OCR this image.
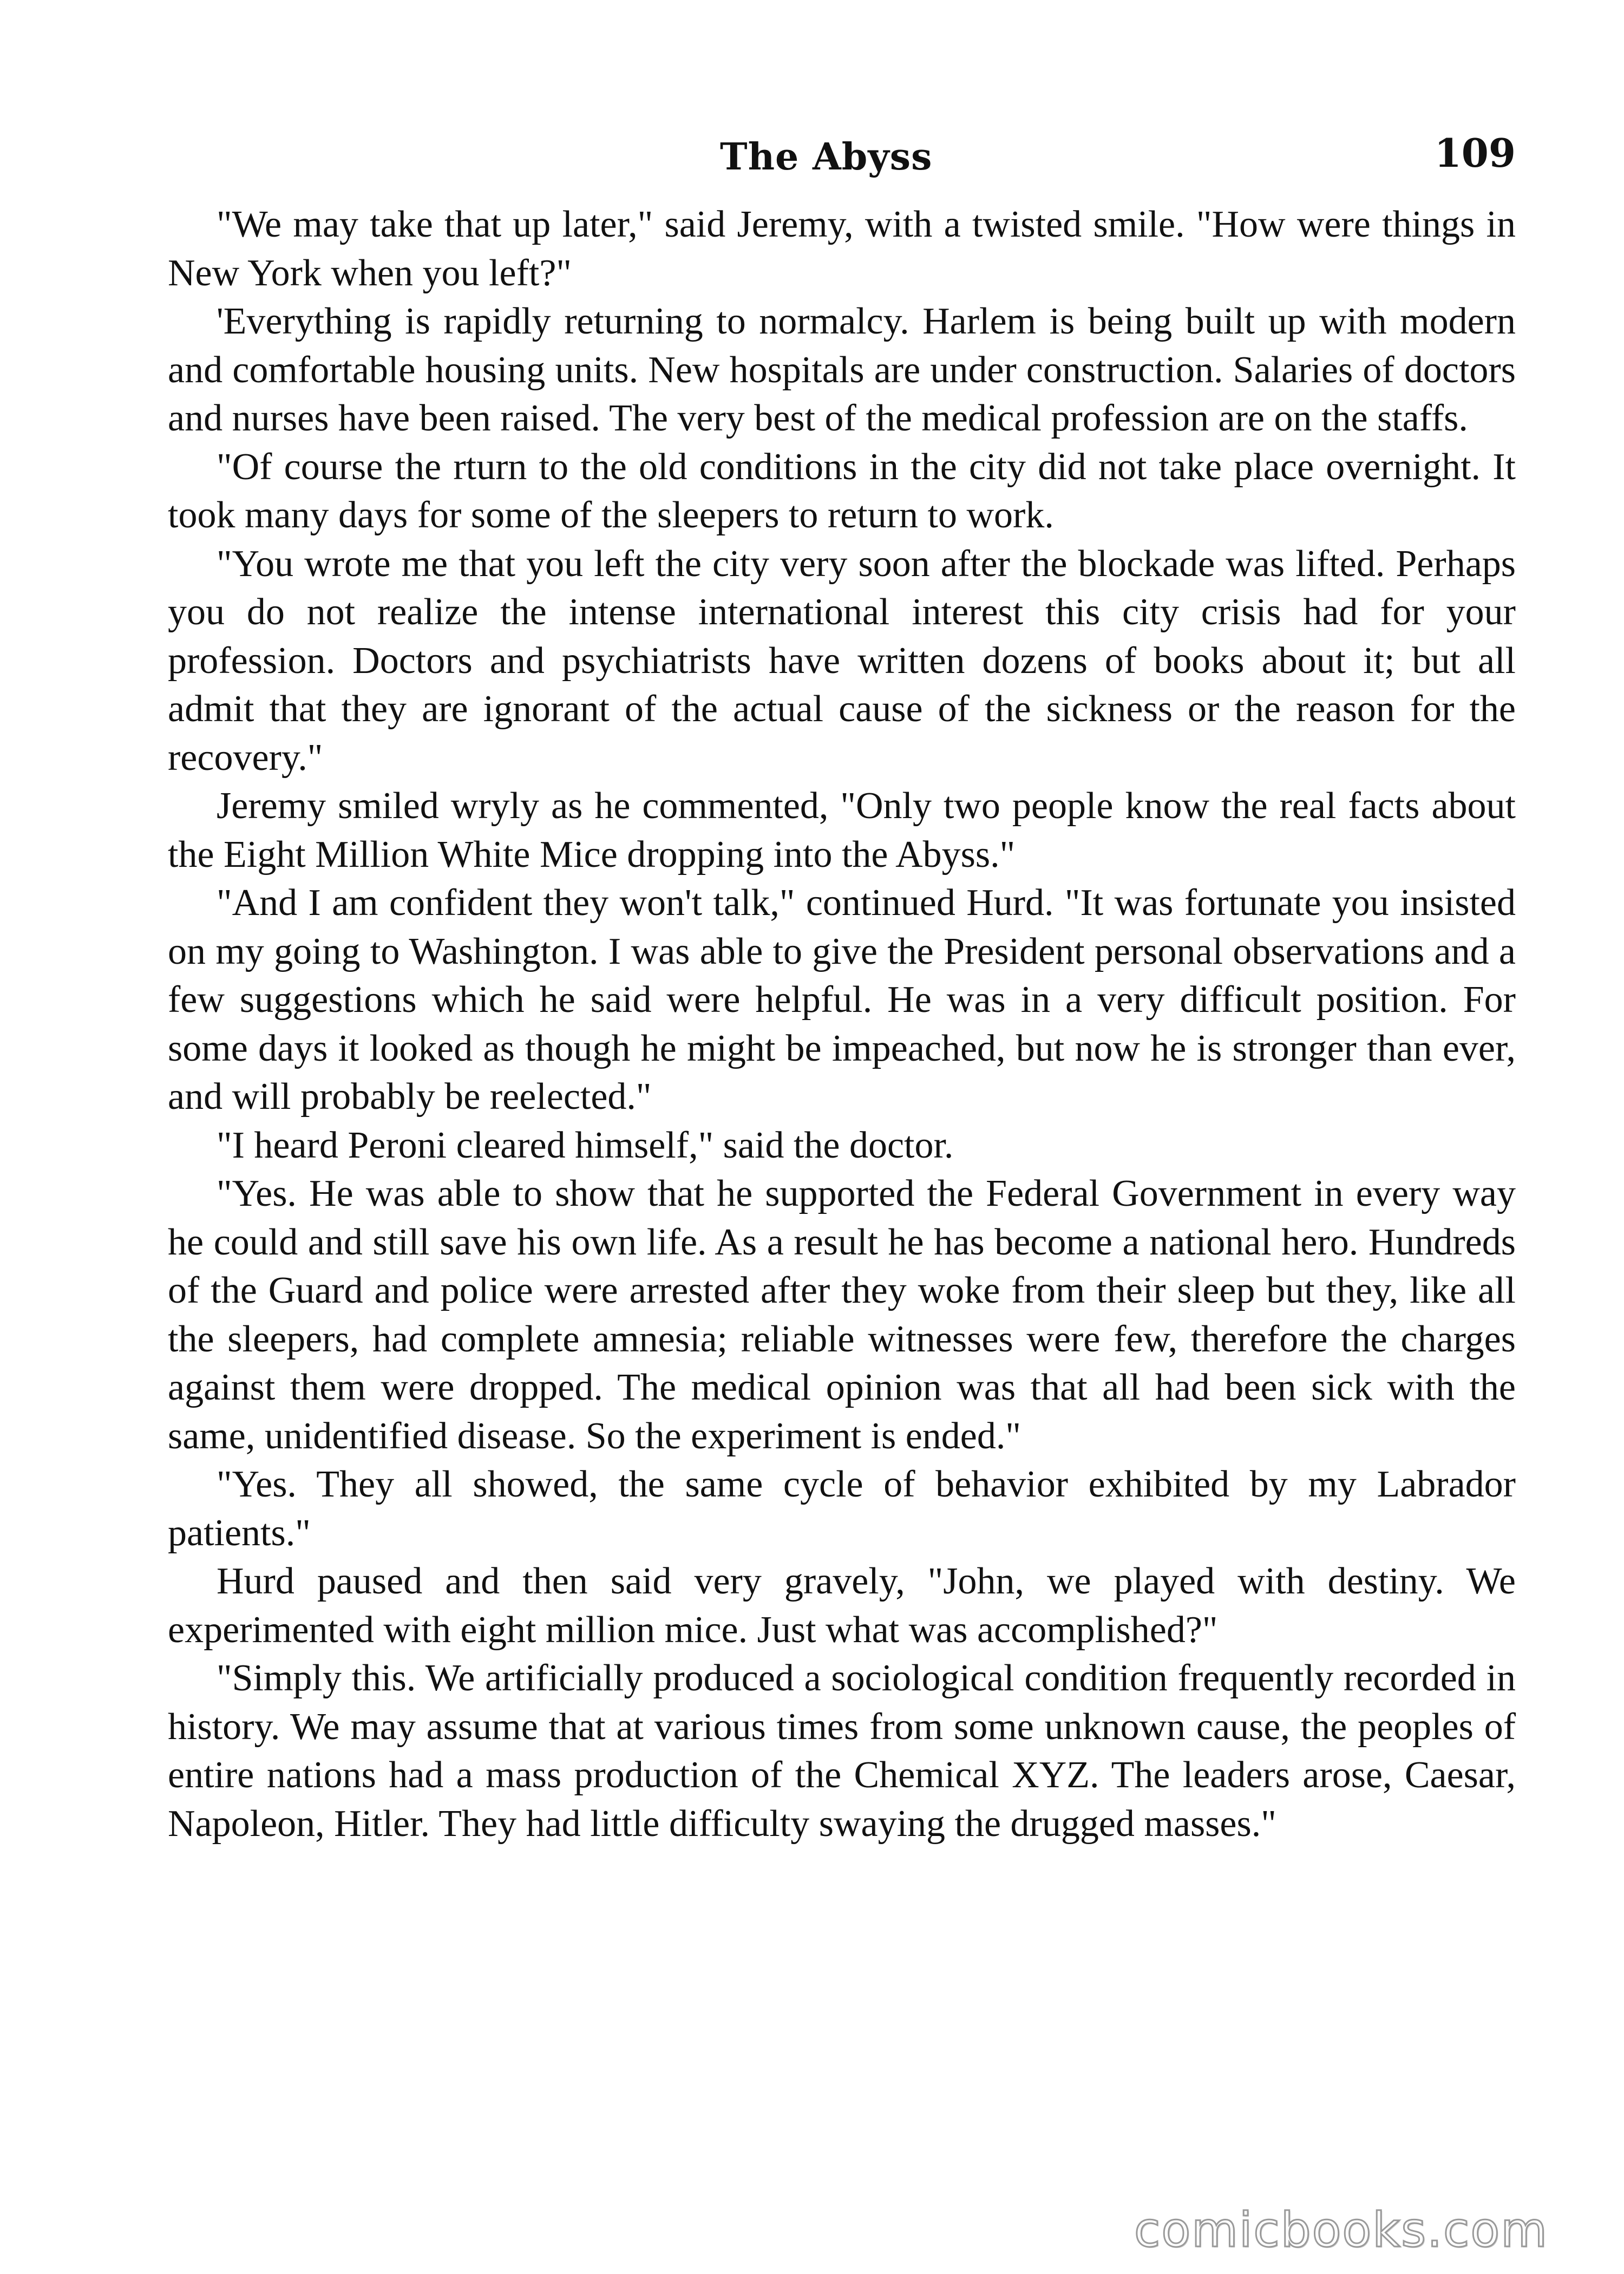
The Abyss	109

"We may take that up later," said Jeremy, with a twisted smile. "How were things in New York when you left?"

'Everything is rapidly returning to normalcy. Harlem is being built up with modern and comfortable housing units. New hospitals are under construction. Salaries of doctors and nurses have been raised. The very best of the medical profession are on the staffs.

"Of course the rturn to the old conditions in the city did not take place overnight. It took many days for some of the sleepers to return to work.

"You wrote me that you left the city very soon after the blockade was lifted. Perhaps you do not realize the intense international interest this city crisis had for your profession. Doctors and psychiatrists have written dozens of books about it; but all admit that they are ignorant of the actual cause of the sickness or the reason for the recovery."

Jeremy smiled wryly as he commented, "Only two people know the real facts about the Eight Million White Mice dropping into the Abyss."

"And I am confident they won't talk," continued Hurd. "It was fortunate you insisted on my going to Washington. I was able to give the President personal observations and a few suggestions which he said were helpful. He was in a very difficult position. For some days it looked as though he might be impeached, but now he is stronger than ever, and will probably be reelected."

"I heard Peroni cleared himself," said the doctor.

"Yes. He was able to show that he supported the Federal Government in every way he could and still save his own life. As a result he has become a national hero. Hundreds of the Guard and police were arrested after they woke from their sleep but they, like all the sleepers, had complete amnesia; reliable witnesses were few, therefore the charges against them were dropped. The medical opinion was that all had been sick with the same, unidentified disease. So the experiment is ended."

"Yes. They all showed, the same cycle of behavior exhibited by my Labrador patients."

Hurd paused and then said very gravely, "John, we played with destiny. We experimented with eight million mice. Just what was accomplished?"

"Simply this. We artificially produced a sociological condition frequently recorded in history. We may assume that at various times from some unknown cause, the peoples of entire nations had a mass production of the Chemical XYZ. The leaders arose, Caesar, Napoleon, Hitler. They had little difficulty swaying the drugged masses."

comicbooks.com
